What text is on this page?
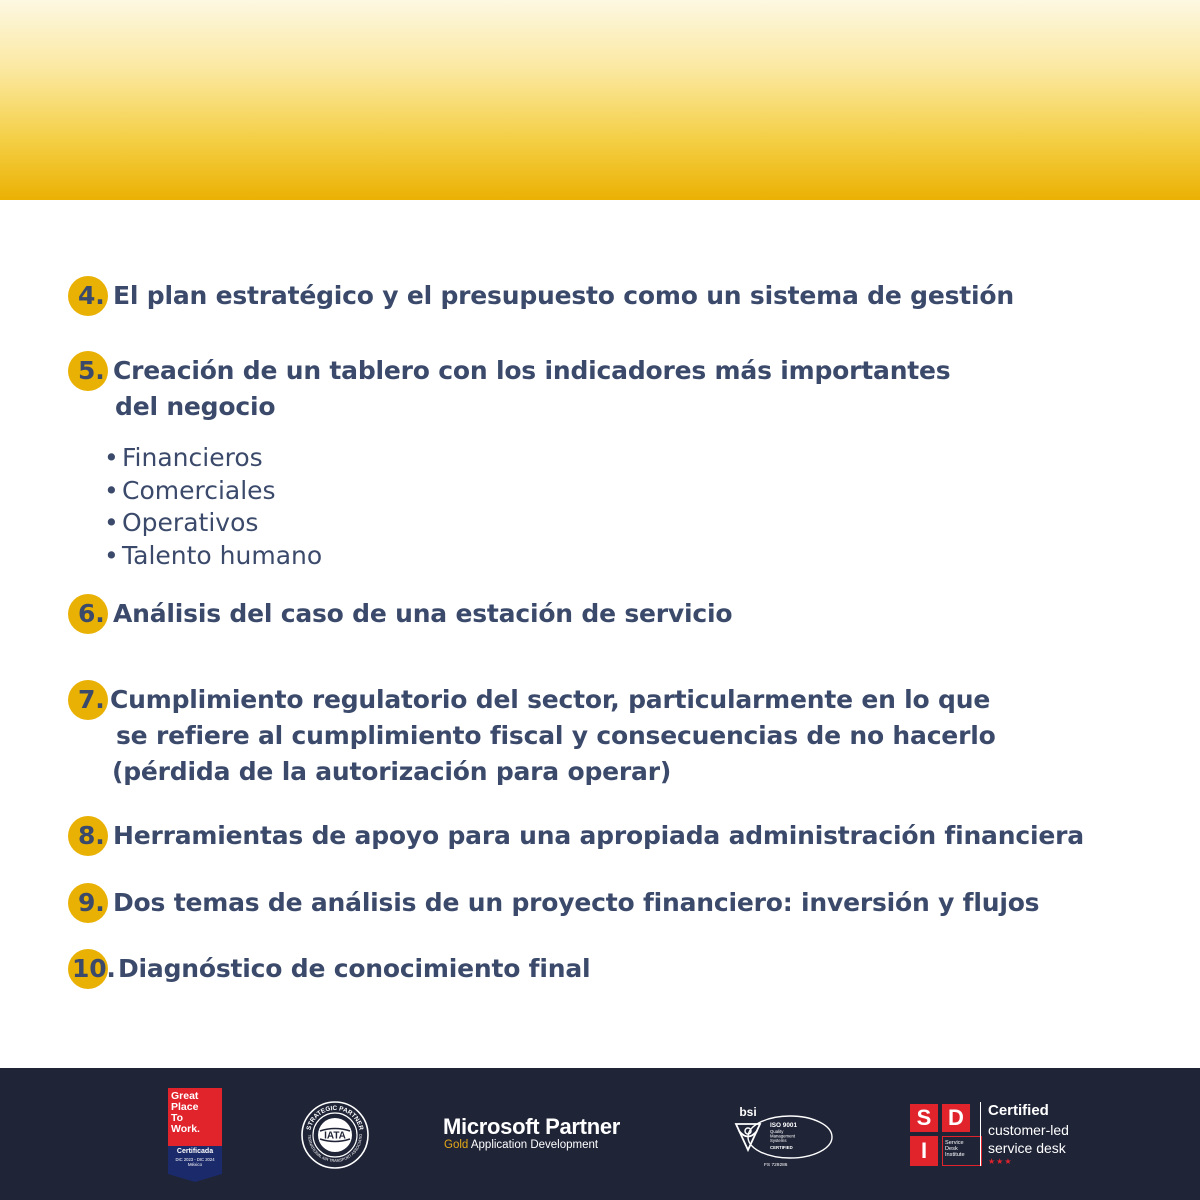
4. El plan estratégico y el presupuesto como un sistema de gestión
5. Creación de un tablero con los indicadores más importantes
del negocio
• Financieros
• Comerciales
• Operativos
• Talento humano
6. Análisis del caso de una estación de servicio
7. Cumplimiento regulatorio del sector, particularmente en lo que
se refiere al cumplimiento fiscal y consecuencias de no hacerlo
(pérdida de la autorización para operar)
8. Herramientas de apoyo para una apropiada administración financiera
9. Dos temas de análisis de un proyecto financiero: inversión y flujos
10. Diagnóstico de conocimiento final
Great
Place
To
Work.
Certificada
DIC 2023 - DIC 2024
México
STRATEGIC PARTNER
TERNATIONAL AIR TRANSPORT ASSOCIATIO
IATA	Microsoft Partner
Gold Application Development
bsi
ISO 9001
Quality
Management
Systems
CERTIFIED
FS 729286
S D
I	Service
Desk
Institute
Certified
customer-led
service desk
★★★
